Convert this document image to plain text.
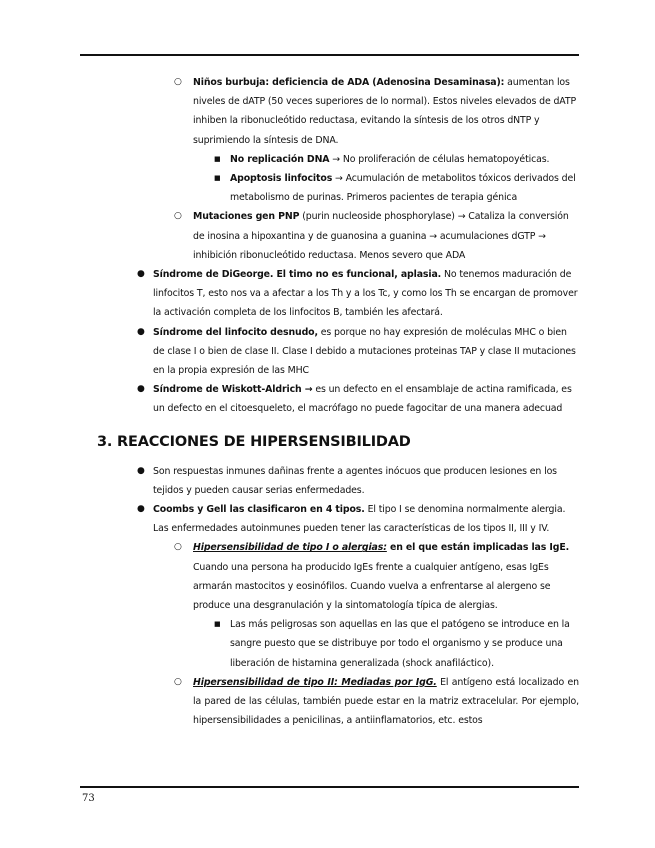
○ Niños burbuja: deficiencia de ADA (Adenosina Desaminasa): aumentan los niveles de dATP (50 veces superiores de lo normal). Estos niveles elevados de dATP inhiben la ribonucleótido reductasa, evitando la síntesis de los otros dNTP y suprimiendo la síntesis de DNA.
■ No replicación DNA → No proliferación de células hematopoyéticas.
■ Apoptosis linfocitos → Acumulación de metabolitos tóxicos derivados del metabolismo de purinas. Primeros pacientes de terapia génica
○ Mutaciones gen PNP (purin nucleoside phosphorylase) → Cataliza la conversión de inosina a hipoxantina y de guanosina a guanina → acumulaciones dGTP → inhibición ribonucleótido reductasa. Menos severo que ADA
● Síndrome de DiGeorge. El timo no es funcional, aplasia. No tenemos maduración de linfocitos T, esto nos va a afectar a los Th y a los Tc, y como los Th se encargan de promover la activación completa de los linfocitos B, también les afectará.
● Síndrome del linfocito desnudo, es porque no hay expresión de moléculas MHC o bien de clase I o bien de clase II. Clase I debido a mutaciones proteinas TAP y clase II mutaciones en la propia expresión de las MHC
● Síndrome de Wiskott-Aldrich → es un defecto en el ensamblaje de actina ramificada, es un defecto en el citoesqueleto, el macrófago no puede fagocitar de una manera adecuad
3. REACCIONES DE HIPERSENSIBILIDAD
● Son respuestas inmunes dañinas frente a agentes inócuos que producen lesiones en los tejidos y pueden causar serias enfermedades.
● Coombs y Gell las clasificaron en 4 tipos. El tipo I se denomina normalmente alergia. Las enfermedades autoinmunes pueden tener las características de los tipos II, III y IV.
○ Hipersensibilidad de tipo I o alergias: en el que están implicadas las IgE. Cuando una persona ha producido IgEs frente a cualquier antígeno, esas IgEs armarán mastocitos y eosinófilos. Cuando vuelva a enfrentarse al alergeno se produce una desgranulación y la sintomatología típica de alergias.
■ Las más peligrosas son aquellas en las que el patógeno se introduce en la sangre puesto que se distribuye por todo el organismo y se produce una liberación de histamina generalizada (shock anafiláctico).
○ Hipersensibilidad de tipo II: Mediadas por IgG. El antígeno está localizado en la pared de las células, también puede estar en la matriz extracelular. Por ejemplo, hipersensibilidades a penicilinas, a antiinflamatorios, etc. estos
73
